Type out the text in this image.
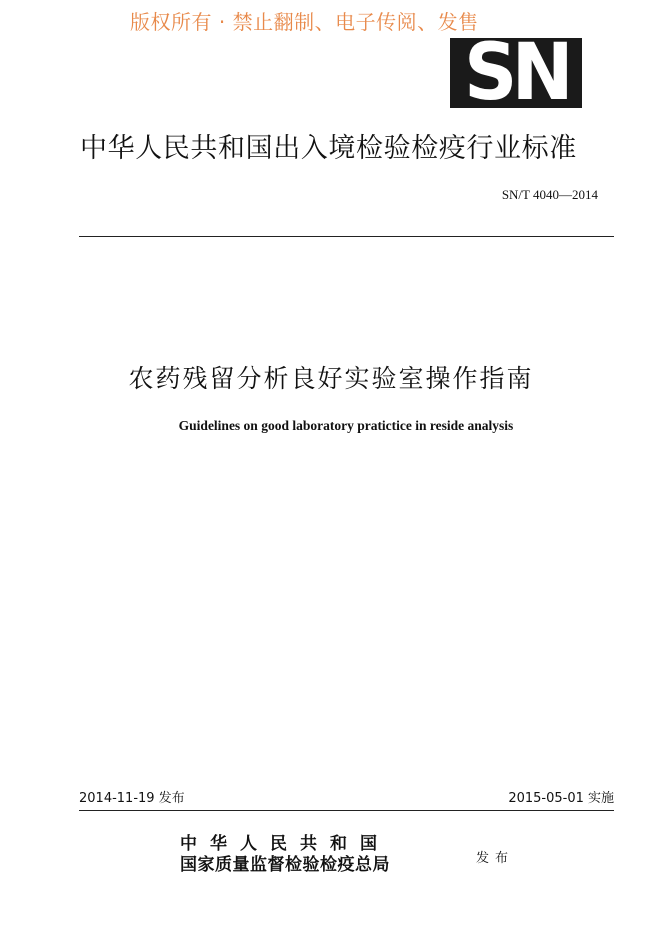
版权所有 · 禁止翻制、电子传阅、发售
SN
中华人民共和国出入境检验检疫行业标准
SN/T 4040—2014
农药残留分析良好实验室操作指南
Guidelines on good laboratory pratictice in reside analysis
2014-11-19 发布	2015-05-01 实施
中华人民共和国
国家质量监督检验检疫总局	发布
